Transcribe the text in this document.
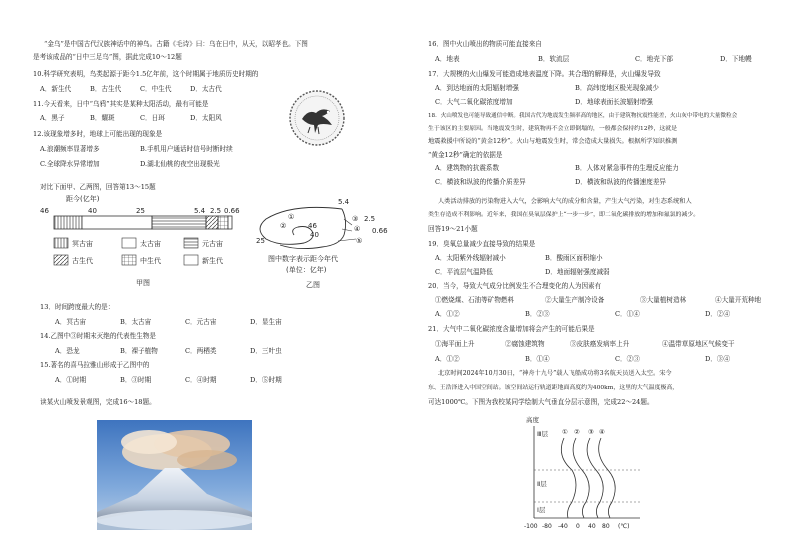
“金乌”是中国古代汉族神话中的神鸟。古籍《毛诗》曰：乌在日中，从天，以昭孝也。下图
是考该成品的“日中三足乌”图，据此完成10～12题
10.科学研究表明，鸟类起源于距今1.5亿年前，这个时期属于地质历史时期的
A．新生代	B．古生代	C．中生代	D．太古代
11.今天看来，日中“乌鸦”其实是某种太阳活动，最有可能是
A．黑子	B．耀斑	C．日珥	D．太阳风
12.该现象增多时，地球上可能出现的现象是
A.浪潮频率显著增多	B.手机用户通话时信号时断时续
C.全球降水异常增加	D.湖北仙桃的夜空出现极光
对比下面甲、乙两图，回答第13～15题
距今(亿年)
46	40	25	5.4 2.5 0.66
冥古宙	太古宙	元古宙
古生代	中生代	新生代
甲图
5.4
2.5
0.66
46
40
25
①
②
③
④
⑤
图中数字表示距今年代
(单位：亿年)
乙图
13．时间跨度最大的是：
A．冥古宙	B．太古宙	C．元古宙	D．显生宙
14.乙图中③时期末灭绝的代表性生物是
A．恐龙	B．裸子植物	C．两栖类	D．三叶虫
15.著名的喜马拉雅山形成于乙图中的
A．①时期	B．③时期	C．④时期	D．⑤时期
读某火山喷发景观图，完成16～18题。
16．图中火山喷出的物质可能直接来自
A．地表	B．软流层	C．地壳下部	D．下地幔
17．大规模的火山爆发可能造成地表温度下降。其合理的解释是，火山爆发导致
A．到达地面的太阳辐射增强	B．高纬度地区极光现象减少
C．大气二氧化碳浓度增加	D．地球表面长波辐射增强
18．火山喷发也可能导致通信中断。我国古代为地震发生频率高的地区，由于建筑物抗震性能差，火山灰中带电的大量微粒会
生于该区的主要原因。当地震发生时，建筑物再不会立即倒塌的，一般都会保持约12秒，这就是
地震救援中所说的“黄金12秒”。火山与地震发生时，常会造成大量损失。根据所学知识推测
“黄金12秒”确定的依据是
A．建筑物的抗震系数	B．人体对紧急事件的生理反应能力
C．横波和纵波的传播介质差异	D．横波和纵波的传播速度差异
人类活动排放的污染物进入大气，会影响大气的成分和含量，产生大气污染，对生态系统和人
类生存造成不利影响。近年来，我国在臭氧层保护上“一步一步”，即二氧化碳排放的增加和氟氯的减少。
回答19～21小题
19．臭氧总量减少直接导致的结果是
A．太阳紫外线辐射减小	B．酸雨区面积缩小
C．平流层气温降低	D．地面辐射强度减弱
20．当今，导致大气成分比例发生不合理变化的人为因素有
①燃烧煤、石油等矿物燃料	②大量生产制冷设备	③大量植树造林	④大量开荒种地
A．①②	B．②③	C．①④	D．②④
21．大气中二氧化碳浓度含量增加将会产生的可能后果是
①海平面上升	②腐蚀建筑物	③皮肤癌发病率上升	④温带草原地区气候变干
A．①②	B．①④	C．②③	D．③④
北京时间2024年10月30日，“神舟十九号”载人飞船成功将3名航天员送入太空。宋令
东、王浩泽进入中国空间站。该空间站运行轨道距地面高度约为400km，这里的大气温度极高，
可达1000℃。下图为我校某同学绘制大气垂直分层示意图，完成22～24题。
高度
Ⅲ层
Ⅱ层
Ⅰ层
① ② ③ ④
-100 -80 -40 0 40 80 (℃)
